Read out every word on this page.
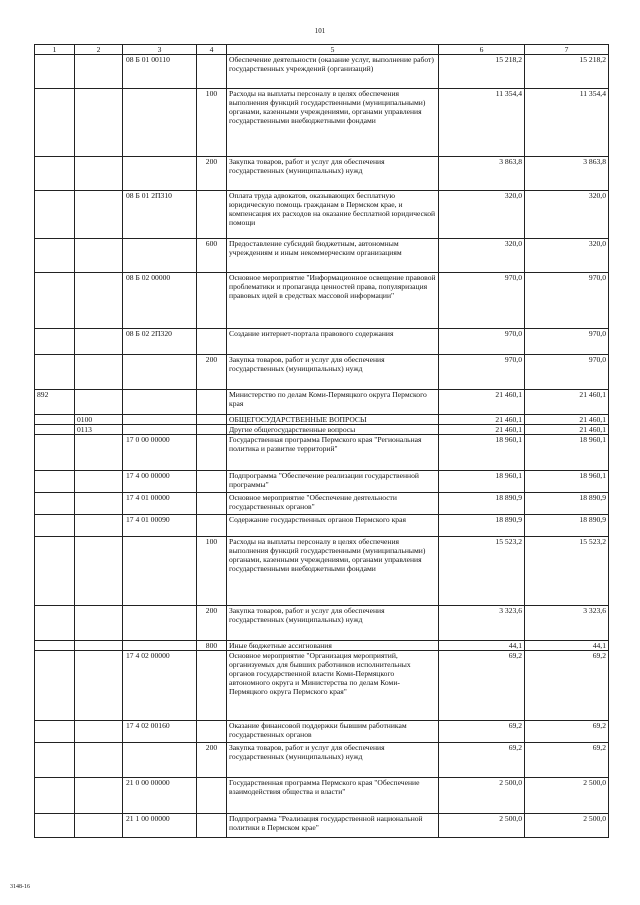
101
1	2	3	4	5	6	7
		08 Б 01 00110		Обеспечение деятельности (оказание услуг, выполнение работ) государственных учреждений (организаций)	15 218,2	15 218,2
			100	Расходы на выплаты персоналу в целях обеспечения выполнения функций государственными (муниципальными) органами, казенными учреждениями, органами управления государственными внебюджетными фондами	11 354,4	11 354,4
			200	Закупка товаров, работ и услуг для обеспечения государственных (муниципальных) нужд	3 863,8	3 863,8
		08 Б 01 2П310		Оплата труда адвокатов, оказывающих бесплатную юридическую помощь гражданам в Пермском крае, и компенсация их расходов на оказание бесплатной юридической помощи	320,0	320,0
			600	Предоставление субсидий бюджетным, автономным учреждениям и иным некоммерческим организациям	320,0	320,0
		08 Б 02 00000		Основное мероприятие "Информационное освещение правовой проблематики и пропаганда ценностей права, популяризация правовых идей в средствах массовой информации"	970,0	970,0
		08 Б 02 2П320		Создание интернет-портала правового содержания	970,0	970,0
			200	Закупка товаров, работ и услуг для обеспечения государственных (муниципальных) нужд	970,0	970,0
892				Министерство по делам Коми-Пермяцкого округа Пермского края	21 460,1	21 460,1
	0100			ОБЩЕГОСУДАРСТВЕННЫЕ ВОПРОСЫ	21 460,1	21 460,1
	0113			Другие общегосударственные вопросы	21 460,1	21 460,1
		17 0 00 00000		Государственная программа Пермского края "Региональная политика и развитие территорий"	18 960,1	18 960,1
		17 4 00 00000		Подпрограмма "Обеспечение реализации государственной программы"	18 960,1	18 960,1
		17 4 01 00000		Основное мероприятие "Обеспечение деятельности государственных органов"	18 890,9	18 890,9
		17 4 01 00090		Содержание государственных органов Пермского края	18 890,9	18 890,9
			100	Расходы на выплаты персоналу в целях обеспечения выполнения функций государственными (муниципальными) органами, казенными учреждениями, органами управления государственными внебюджетными фондами	15 523,2	15 523,2
			200	Закупка товаров, работ и услуг для обеспечения государственных (муниципальных) нужд	3 323,6	3 323,6
			800	Иные бюджетные ассигнования	44,1	44,1
		17 4 02 00000		Основное мероприятие "Организация мероприятий, организуемых для бывших работников исполнительных органов государственной власти Коми-Пермяцкого автономного округа и Министерства по делам Коми-Пермяцкого округа Пермского края"	69,2	69,2
		17 4 02 00160		Оказание финансовой поддержки бывшим работникам государственных органов	69,2	69,2
			200	Закупка товаров, работ и услуг для обеспечения государственных (муниципальных) нужд	69,2	69,2
		21 0 00 00000		Государственная программа Пермского края "Обеспечение взаимодействия общества и власти"	2 500,0	2 500,0
		21 1 00 00000		Подпрограмма "Реализация государственной национальной политики в Пермском крае"	2 500,0	2 500,0
3148-16
